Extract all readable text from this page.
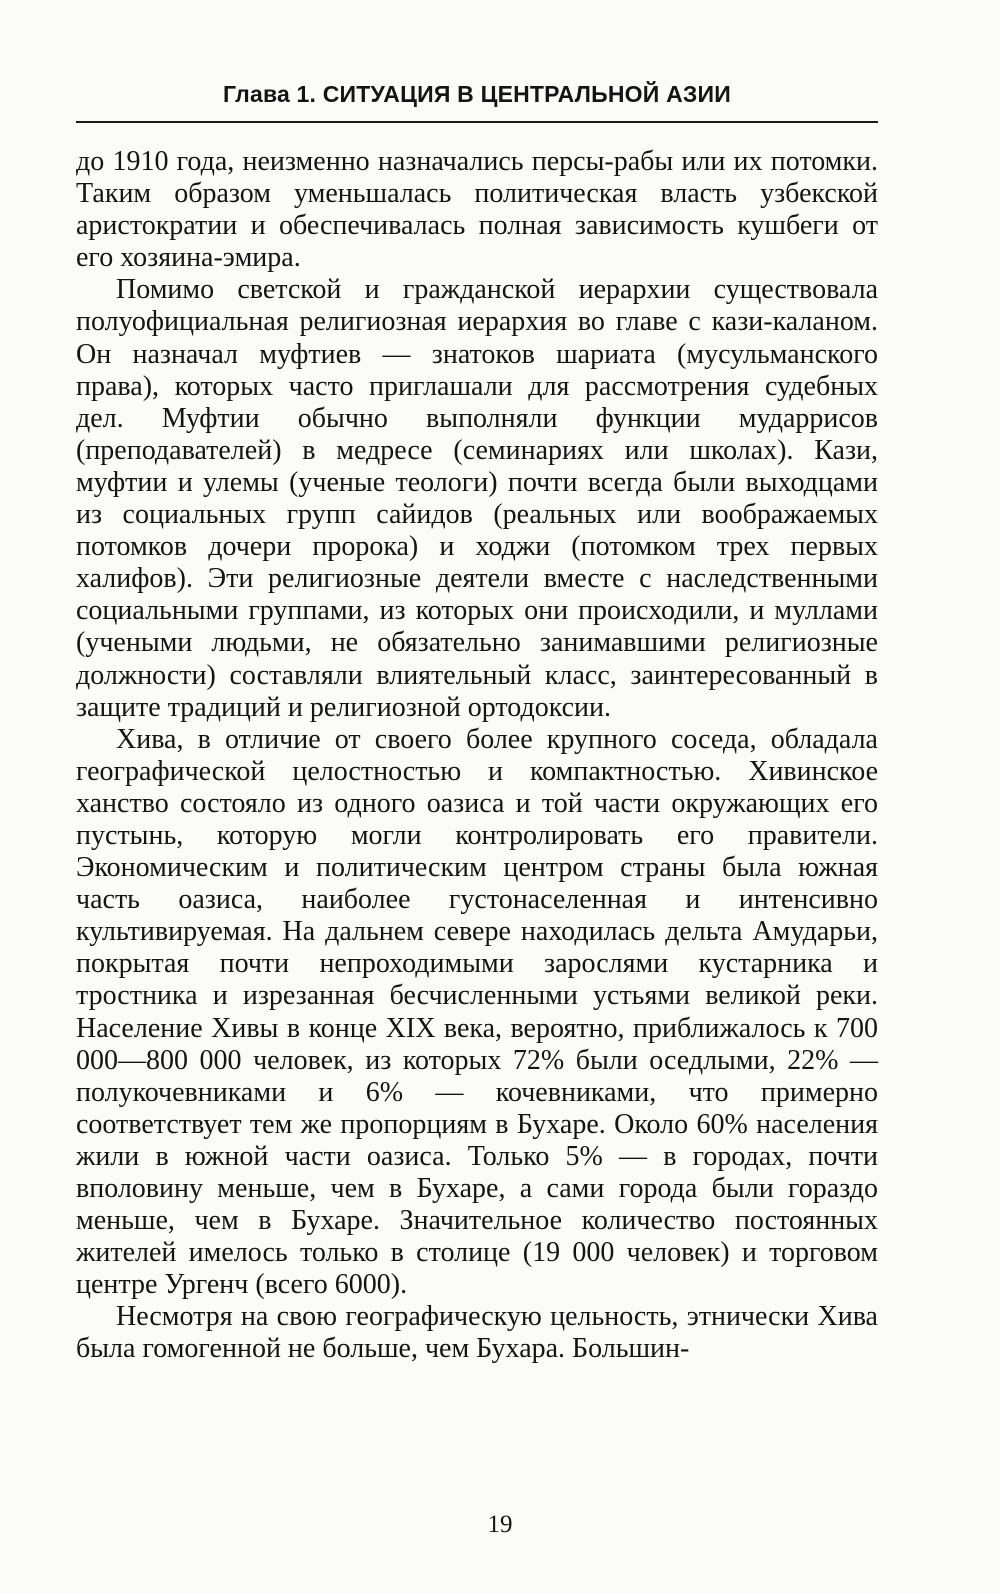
Глава 1. СИТУАЦИЯ В ЦЕНТРАЛЬНОЙ АЗИИ

до 1910 года, неизменно назначались персы-рабы или их потомки. Таким образом уменьшалась политическая власть узбекской аристократии и обеспечивалась полная зависимость кушбеги от его хозяина-эмира.

Помимо светской и гражданской иерархии существовала полуофициальная религиозная иерархия во главе с кази-каланом. Он назначал муфтиев — знатоков шариата (мусульманского права), которых часто приглашали для рассмотрения судебных дел. Муфтии обычно выполняли функции мударрисов (преподавателей) в медресе (семинариях или школах). Кази, муфтии и улемы (ученые теологи) почти всегда были выходцами из социальных групп сайидов (реальных или воображаемых потомков дочери пророка) и ходжи (потомком трех первых халифов). Эти религиозные деятели вместе с наследственными социальными группами, из которых они происходили, и муллами (учеными людьми, не обязательно занимавшими религиозные должности) составляли влиятельный класс, заинтересованный в защите традиций и религиозной ортодоксии.

Хива, в отличие от своего более крупного соседа, обладала географической целостностью и компактностью. Хивинское ханство состояло из одного оазиса и той части окружающих его пустынь, которую могли контролировать его правители. Экономическим и политическим центром страны была южная часть оазиса, наиболее густонаселенная и интенсивно культивируемая. На дальнем севере находилась дельта Амударьи, покрытая почти непроходимыми зарослями кустарника и тростника и изрезанная бесчисленными устьями великой реки. Население Хивы в конце XIX века, вероятно, приближалось к 700 000—800 000 человек, из которых 72% были оседлыми, 22% — полукочевниками и 6% — кочевниками, что примерно соответствует тем же пропорциям в Бухаре. Около 60% населения жили в южной части оазиса. Только 5% — в городах, почти вполовину меньше, чем в Бухаре, а сами города были гораздо меньше, чем в Бухаре. Значительное количество постоянных жителей имелось только в столице (19 000 человек) и торговом центре Ургенч (всего 6000).

Несмотря на свою географическую цельность, этнически Хива была гомогенной не больше, чем Бухара. Большин-

19
